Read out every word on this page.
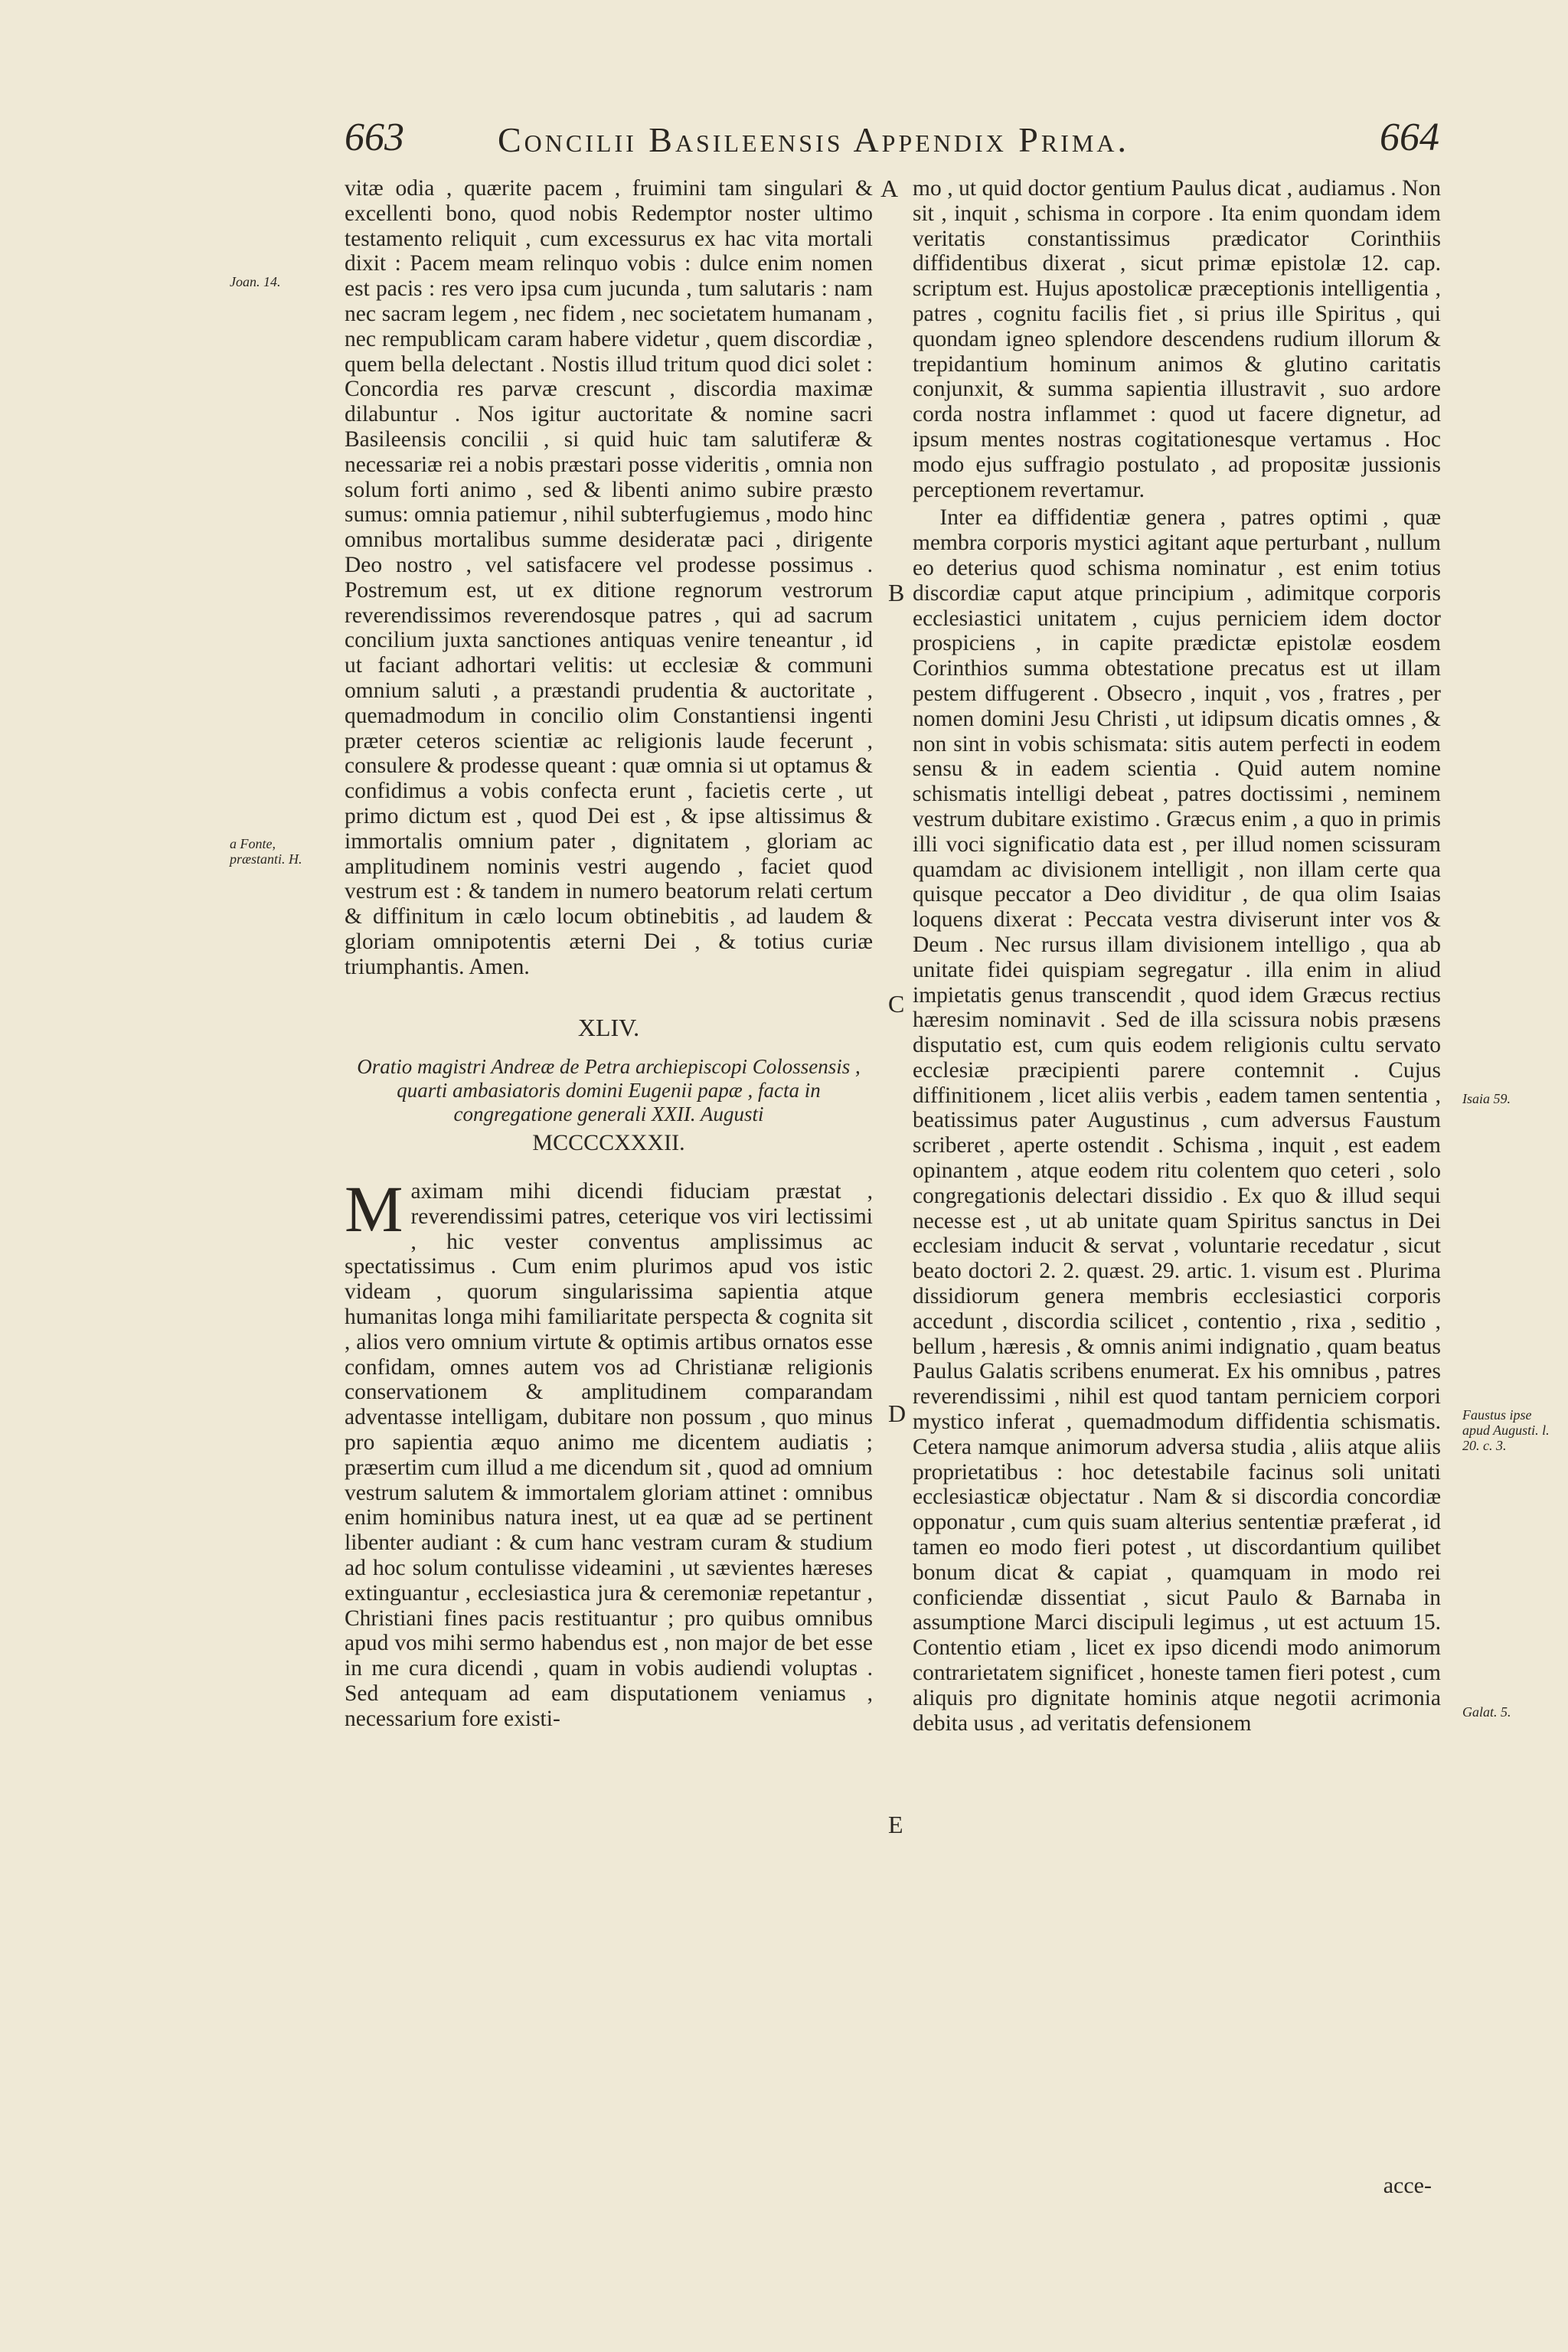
663	Concilii Basileensis Appendix Prima.	664
Joan. 14.
a Fonte, præstanti. H.
Isaia 59.
Faustus ipse apud Augusti. l. 20. c. 3.
Galat. 5.
A
B
C
D
E

vitæ odia , quærite pacem , fruimini tam singulari & excellenti bono, quod nobis Redemptor noster ultimo testamento reliquit , cum excessurus ex hac vita mortali dixit : Pacem meam relinquo vobis : dulce enim nomen est pacis : res vero ipsa cum jucunda , tum salutaris : nam nec sacram legem , nec fidem , nec societatem humanam , nec rempublicam caram habere videtur , quem discordiæ , quem bella delectant . Nostis illud tritum quod dici solet : Concordia res parvæ crescunt , discordia maximæ dilabuntur . Nos igitur auctoritate & nomine sacri Basileensis concilii , si quid huic tam salutiferæ & necessariæ rei a nobis præstari posse videritis , omnia non solum forti animo , sed & libenti animo subire præsto sumus: omnia patiemur , nihil subterfugiemus , modo hinc omnibus mortalibus summe desideratæ paci , dirigente Deo nostro , vel satisfacere vel prodesse possimus . Postremum est, ut ex ditione regnorum vestrorum reverendissimos reverendosque patres , qui ad sacrum concilium juxta sanctiones antiquas venire teneantur , id ut faciant adhortari velitis: ut ecclesiæ & communi omnium saluti , a præstandi prudentia & auctoritate , quemadmodum in concilio olim Constantiensi ingenti præter ceteros scientiæ ac religionis laude fecerunt , consulere & prodesse queant : quæ omnia si ut optamus & confidimus a vobis confecta erunt , facietis certe , ut primo dictum est , quod Dei est , & ipse altissimus & immortalis omnium pater , dignitatem , gloriam ac amplitudinem nominis vestri augendo , faciet quod vestrum est : & tandem in numero beatorum relati certum & diffinitum in cælo locum obtinebitis , ad laudem & gloriam omnipotentis æterni Dei , & totius curiæ triumphantis. Amen.

XLIV.
Oratio magistri Andreæ de Petra archiepiscopi Colossensis , quarti ambasiatoris domini Eugenii papæ , facta in congregatione generali XXII. Augusti
MCCCCXXXII.

Maximam mihi dicendi fiduciam præstat , reverendissimi patres, ceterique vos viri lectissimi , hic vester conventus amplissimus ac spectatissimus . Cum enim plurimos apud vos istic videam , quorum singularissima sapientia atque humanitas longa mihi familiaritate perspecta & cognita sit , alios vero omnium virtute & optimis artibus ornatos esse confidam, omnes autem vos ad Christianæ religionis conservationem & amplitudinem comparandam adventasse intelligam, dubitare non possum , quo minus pro sapientia æquo animo me dicentem audiatis ; præsertim cum illud a me dicendum sit , quod ad omnium vestrum salutem & immortalem gloriam attinet : omnibus enim hominibus natura inest, ut ea quæ ad se pertinent libenter audiant : & cum hanc vestram curam & studium ad hoc solum contulisse videamini , ut sævientes hæreses extinguantur , ecclesiastica jura & ceremoniæ repetantur , Christiani fines pacis restituantur ; pro quibus omnibus apud vos mihi sermo habendus est , non major de bet esse in me cura dicendi , quam in vobis audiendi voluptas . Sed antequam ad eam disputationem veniamus , necessarium fore existi-

mo , ut quid doctor gentium Paulus dicat , audiamus . Non sit , inquit , schisma in corpore . Ita enim quondam idem veritatis constantissimus prædicator Corinthiis diffidentibus dixerat , sicut primæ epistolæ 12. cap. scriptum est. Hujus apostolicæ præceptionis intelligentia , patres , cognitu facilis fiet , si prius ille Spiritus , qui quondam igneo splendore descendens rudium illorum & trepidantium hominum animos & glutino caritatis conjunxit, & summa sapientia illustravit , suo ardore corda nostra inflammet : quod ut facere dignetur, ad ipsum mentes nostras cogitationesque vertamus . Hoc modo ejus suffragio postulato , ad propositæ jussionis perceptionem revertamur.

Inter ea diffidentiæ genera , patres optimi , quæ membra corporis mystici agitant aque perturbant , nullum eo deterius quod schisma nominatur , est enim totius discordiæ caput atque principium , adimitque corporis ecclesiastici unitatem , cujus perniciem idem doctor prospiciens , in capite prædictæ epistolæ eosdem Corinthios summa obtestatione precatus est ut illam pestem diffugerent . Obsecro , inquit , vos , fratres , per nomen domini Jesu Christi , ut idipsum dicatis omnes , & non sint in vobis schismata: sitis autem perfecti in eodem sensu & in eadem scientia . Quid autem nomine schismatis intelligi debeat , patres doctissimi , neminem vestrum dubitare existimo . Græcus enim , a quo in primis illi voci significatio data est , per illud nomen scissuram quamdam ac divisionem intelligit , non illam certe qua quisque peccator a Deo dividitur , de qua olim Isaias loquens dixerat : Peccata vestra diviserunt inter vos & Deum . Nec rursus illam divisionem intelligo , qua ab unitate fidei quispiam segregatur . illa enim in aliud impietatis genus transcendit , quod idem Græcus rectius hæresim nominavit . Sed de illa scissura nobis præsens disputatio est, cum quis eodem religionis cultu servato ecclesiæ præcipienti parere contemnit . Cujus diffinitionem , licet aliis verbis , eadem tamen sententia , beatissimus pater Augustinus , cum adversus Faustum scriberet , aperte ostendit . Schisma , inquit , est eadem opinantem , atque eodem ritu colentem quo ceteri , solo congregationis delectari dissidio . Ex quo & illud sequi necesse est , ut ab unitate quam Spiritus sanctus in Dei ecclesiam inducit & servat , voluntarie recedatur , sicut beato doctori 2. 2. quæst. 29. artic. 1. visum est . Plurima dissidiorum genera membris ecclesiastici corporis accedunt , discordia scilicet , contentio , rixa , seditio , bellum , hæresis , & omnis animi indignatio , quam beatus Paulus Galatis scribens enumerat. Ex his omnibus , patres reverendissimi , nihil est quod tantam perniciem corpori mystico inferat , quemadmodum diffidentia schismatis. Cetera namque animorum adversa studia , aliis atque aliis proprietatibus : hoc detestabile facinus soli unitati ecclesiasticæ objectatur . Nam & si discordia concordiæ opponatur , cum quis suam alterius sententiæ præferat , id tamen eo modo fieri potest , ut discordantium quilibet bonum dicat & capiat , quamquam in modo rei conficiendæ dissentiat , sicut Paulo & Barnaba in assumptione Marci discipuli legimus , ut est actuum 15. Contentio etiam , licet ex ipso dicendi modo animorum contrarietatem significet , honeste tamen fieri potest , cum aliquis pro dignitate hominis atque negotii acrimonia debita usus , ad veritatis defensionem

acce-
